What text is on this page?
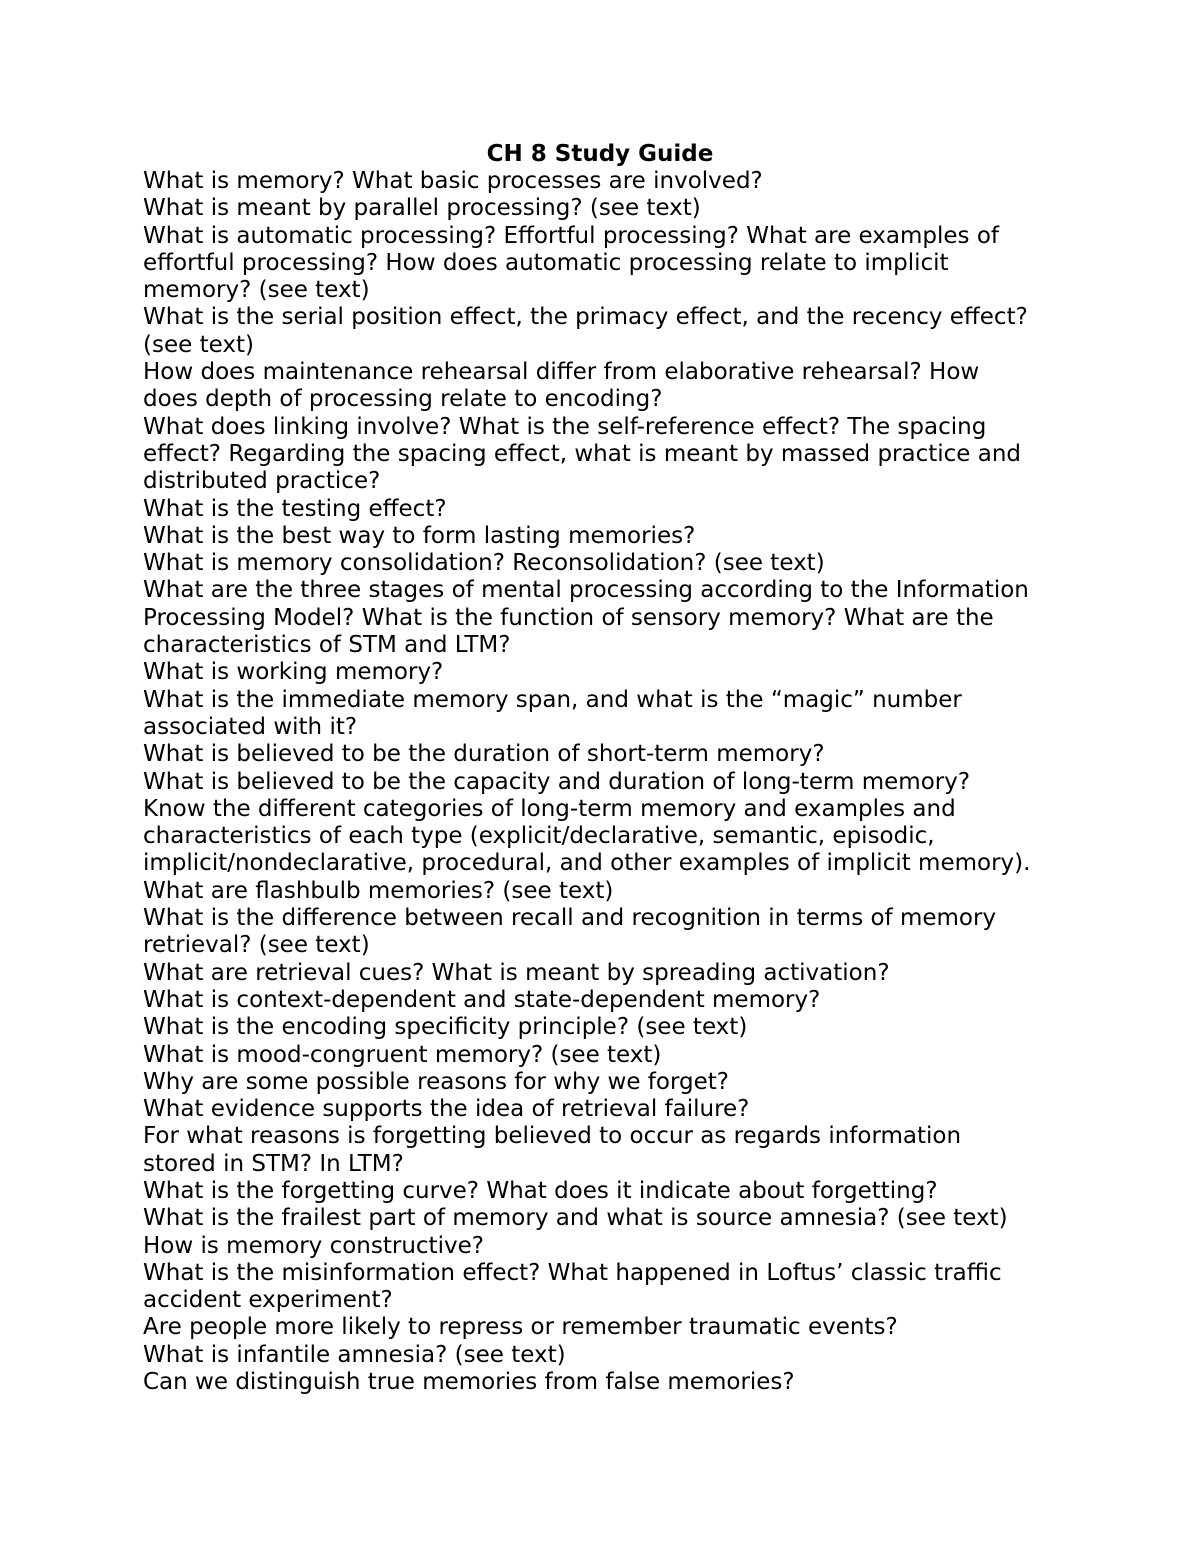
CH 8 Study Guide
What is memory? What basic processes are involved?
What is meant by parallel processing? (see text)
What is automatic processing? Effortful processing? What are examples of
effortful processing? How does automatic processing relate to implicit
memory? (see text)
What is the serial position effect, the primacy effect, and the recency effect?
(see text)
How does maintenance rehearsal differ from elaborative rehearsal? How
does depth of processing relate to encoding?
What does linking involve? What is the self-reference effect? The spacing
effect? Regarding the spacing effect, what is meant by massed practice and
distributed practice?
What is the testing effect?
What is the best way to form lasting memories?
What is memory consolidation? Reconsolidation? (see text)
What are the three stages of mental processing according to the Information
Processing Model? What is the function of sensory memory? What are the
characteristics of STM and LTM?
What is working memory?
What is the immediate memory span, and what is the “magic” number
associated with it?
What is believed to be the duration of short-term memory?
What is believed to be the capacity and duration of long-term memory?
Know the different categories of long-term memory and examples and
characteristics of each type (explicit/declarative, semantic, episodic,
implicit/nondeclarative, procedural, and other examples of implicit memory).
What are flashbulb memories? (see text)
What is the difference between recall and recognition in terms of memory
retrieval? (see text)
What are retrieval cues? What is meant by spreading activation?
What is context-dependent and state-dependent memory?
What is the encoding specificity principle? (see text)
What is mood-congruent memory? (see text)
Why are some possible reasons for why we forget?
What evidence supports the idea of retrieval failure?
For what reasons is forgetting believed to occur as regards information
stored in STM? In LTM?
What is the forgetting curve? What does it indicate about forgetting?
What is the frailest part of memory and what is source amnesia? (see text)
How is memory constructive?
What is the misinformation effect? What happened in Loftus’ classic traffic
accident experiment?
Are people more likely to repress or remember traumatic events?
What is infantile amnesia? (see text)
Can we distinguish true memories from false memories?
